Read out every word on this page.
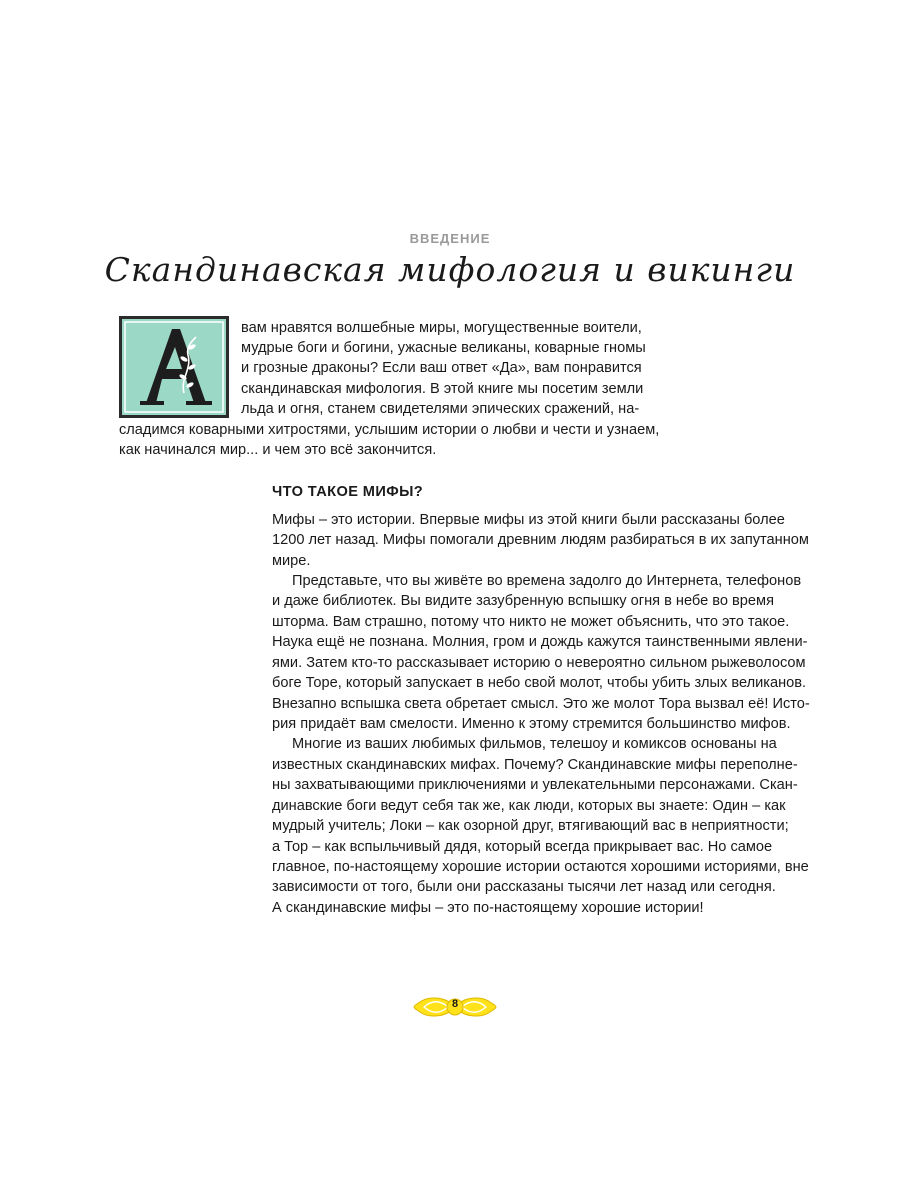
ВВЕДЕНИЕ
Скандинавская мифология и викинги
вам нравятся волшебные миры, могущественные воители,
мудрые боги и богини, ужасные великаны, коварные гномы
и грозные драконы? Если ваш ответ «Да», вам понравится
скандинавская мифология. В этой книге мы посетим земли
льда и огня, станем свидетелями эпических сражений, на-
сладимся коварными хитростями, услышим истории о любви и чести и узнаем,
как начинался мир... и чем это всё закончится.
ЧТО ТАКОЕ МИФЫ?
Мифы – это истории. Впервые мифы из этой книги были рассказаны более
1200 лет назад. Мифы помогали древним людям разбираться в их запутанном
мире.
Представьте, что вы живёте во времена задолго до Интернета, телефонов
и даже библиотек. Вы видите зазубренную вспышку огня в небе во время
шторма. Вам страшно, потому что никто не может объяснить, что это такое.
Наука ещё не познана. Молния, гром и дождь кажутся таинственными явлени-
ями. Затем кто-то рассказывает историю о невероятно сильном рыжеволосом
боге Торе, который запускает в небо свой молот, чтобы убить злых великанов.
Внезапно вспышка света обретает смысл. Это же молот Тора вызвал её! Исто-
рия придаёт вам смелости. Именно к этому стремится большинство мифов.
Многие из ваших любимых фильмов, телешоу и комиксов основаны на
известных скандинавских мифах. Почему? Скандинавские мифы переполне-
ны захватывающими приключениями и увлекательными персонажами. Скан-
динавские боги ведут себя так же, как люди, которых вы знаете: Один – как
мудрый учитель; Локи – как озорной друг, втягивающий вас в неприятности;
а Тор – как вспыльчивый дядя, который всегда прикрывает вас. Но самое
главное, по-настоящему хорошие истории остаются хорошими историями, вне
зависимости от того, были они рассказаны тысячи лет назад или сегодня.
А скандинавские мифы – это по-настоящему хорошие истории!
8
